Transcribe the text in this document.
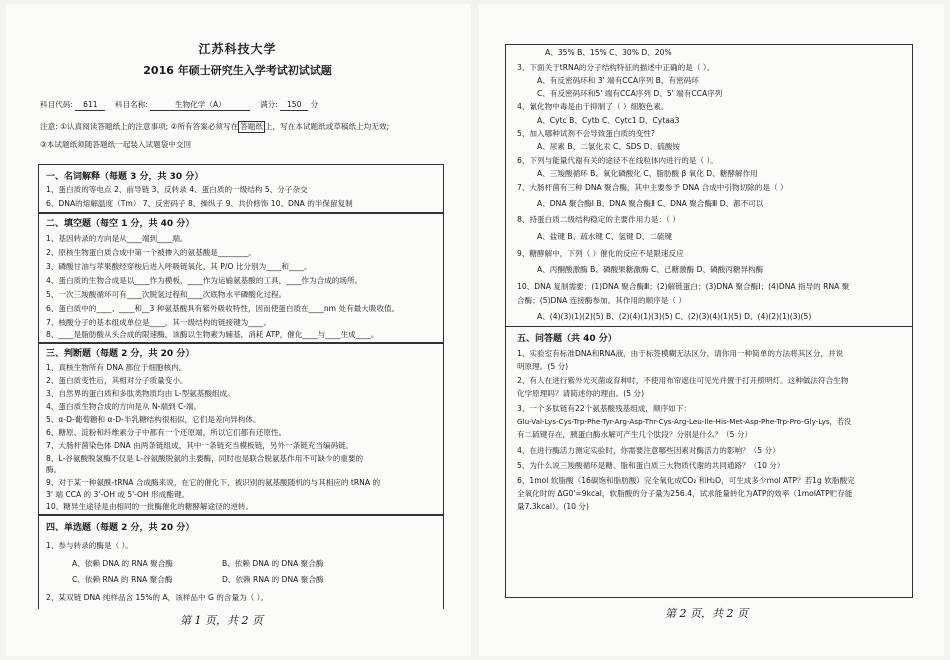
江苏科技大学
2016 年硕士研究生入学考试初试试题
科目代码: 611 科目名称:	生物化学（A）	满分: 150 分
注意: ①认真阅读答题纸上的注意事项; ②所有答案必须写在 答题纸 上，写在本试题纸或草稿纸上均无效;
③本试题纸须随答题纸一起装入试题袋中交回
一、名词解释（每题 3 分，共 30 分）
1、蛋白质的等电点 2、前导链 3、反转录 4、蛋白质的一级结构 5、分子杂交
6、DNA的熔解温度（Tm） 7、反密码子 8、操纵子 9、共价修饰 10、DNA 的半保留复制
二、填空题（每空 1 分，共 40 分）
1、基因转录的方向是从____端到____端。
2、原核生物蛋白质合成中第一个被掺入的氨基酸是________。
3、磷酸甘油与苹果酸经穿梭后进入呼吸链氧化，其 P/O 比分别为____和____。
4、蛋白质的生物合成是以____作为模板，____作为运输氨基酸的工具，____作为合成的场所。
5、一次三羧酸循环可有____次脱氢过程和____次底物水平磷酸化过程。
6、蛋白质中的____、____和__3 种氨基酸具有紫外吸收特性，因而使蛋白质在____nm 处有最大吸收值。
7、核酸分子的基本组成单位是____，其一级结构的链接键为____。
8、____是脂肪酸从头合成的限速酶，该酶以生物素为辅基，消耗 ATP，催化____与____生成____。
三、判断题（每题 2 分，共 20 分）
1、真核生物所有 DNA 都位于细胞核内。
2、蛋白质变性后，其相对分子质量变小。
3、自然界的蛋白质和多肽类物质均由 L-型氨基酸组成。
4、蛋白质生物合成的方向是从 N-端到 C-端。
5、α-D-葡萄糖和 α-D-半乳糖结构很相似，它们是差向异构体。
6、糖原、淀粉和纤维素分子中都有一个还原端，所以它们都有还原性。
7、大肠杆菌染色体 DNA 由两条链组成，其中一条链充当模板链，另外一条链充当编码链。
8、L-谷氨酸脱氢酶不仅是 L-谷氨酸脱氨的主要酶，同时也是联合脱氨基作用不可缺少的重要的
酶。
9、对于某一种氨酰-tRNA 合成酶来说，在它的催化下，被识别的氨基酸随机的与其相应的 tRNA 的
3' 端 CCA 的 3'-OH 或 5'-OH 形成酯键。
10、糖异生途径是由相同的一批酶催化的糖酵解途径的逆转。
四、单选题（每题 2 分，共 20 分）
1、参与转录的酶是（ ）。
A、依赖 DNA 的 RNA 聚合酶	B、依赖 DNA 的 DNA 聚合酶
C、依赖 RNA 的 RNA 聚合酶	D、依赖 RNA 的 DNA 聚合酶
2、某双链 DNA 纯样品含 15%的 A，该样品中 G 的含量为（ ）。
第 1 页，共 2 页
A、35% B、15% C、30% D、20%
3、下面关于tRNA的分子结构特征的描述中正确的是（ ）。
A、有反密码环和 3' 端有CCA序列 B、有密码环
C、有反密码环和5' 端有CCA序列 D、5' 端有CCA序列
4、氰化物中毒是由于抑制了（ ）细胞色素。
A、Cytc B、Cytb C、Cytc1 D、Cytaa3
5、加入哪种试剂不会导致蛋白质的变性?
A、尿素 B、二氯化汞 C、SDS D、硫酸铵
6、下列与能量代谢有关的途径不在线粒体内进行的是（ ）。
A、三羧酸循环 B、氧化磷酸化 C、脂肪酸 β 氧化 D、糖酵解作用
7、大肠杆菌有三种 DNA 聚合酶，其中主要参予 DNA 合成中引物切除的是（ ）
A、DNA 聚合酶Ⅰ B、DNA 聚合酶Ⅱ C、DNA 聚合酶Ⅲ D、都不可以
8、持蛋白质二级结构稳定的主要作用力是：（ ）
A、盐键 B、疏水键 C、氢键 D、二硫键
9、糖酵解中，下列（ ）催化的反应不是限速反应
A、丙酮酸激酶 B、磷酸果糖激酶 C、己糖激酶 D、磷酸丙糖异构酶
10、DNA 复制需要：(1)DNA 聚合酶Ⅲ；(2)解链蛋白；(3)DNA 聚合酶Ⅰ；(4)DNA 指导的 RNA 聚
合酶；(5)DNA 连接酶参加。其作用的顺序是（ ）
A、(4)(3)(1)(2)(5) B、(2)(4)(1)(3)(5) C、(2)(3)(4)(1)(5) D、(4)(2)(1)(3)(5)
五、问答题（共 40 分）
1、实验室有标准DNA和RNA液，由于标签模糊无法区分，请你用一种简单的方法将其区分，并说
明原理。(5 分)
2、有人在进行紫外光灭菌或育种时，不使用布帘遮住可见光并置于打开照明灯。这种做法符合生物
化学原理吗？请简述你的理由。(5 分)
3、一个多肽链有22个氨基酸残基组成，顺序如下：
Glu-Val-Lys-Cys-Trp-Phe-Tyr-Arg-Asp-Thr-Cys-Arg-Leu-Ile-His-Met-Asp-Phe-Trp-Pro-Gly-Lys，若没
有二硫键存在，胰蛋白酶水解可产生几个肽段？分别是什么？（5 分）
4、在进行酶活力测定实验时，你需要注意哪些因素对酶活力的影响？（5 分）
5、为什么说三羧酸循环是糖、脂和蛋白质三大物质代谢的共同通路？（10 分）
6、1mol 软脂酸（16碳饱和脂肪酸）完全氧化成CO₂ 和H₂O，可生成多少mol ATP？若1g 软脂酸完
全氧化时的 ΔG0'=9kcal，软脂酸的分子量为256.4，试求能量转化为ATP的效率（1molATP贮存能
量7.3kcal）。(10 分)
第 2 页，共 2 页
